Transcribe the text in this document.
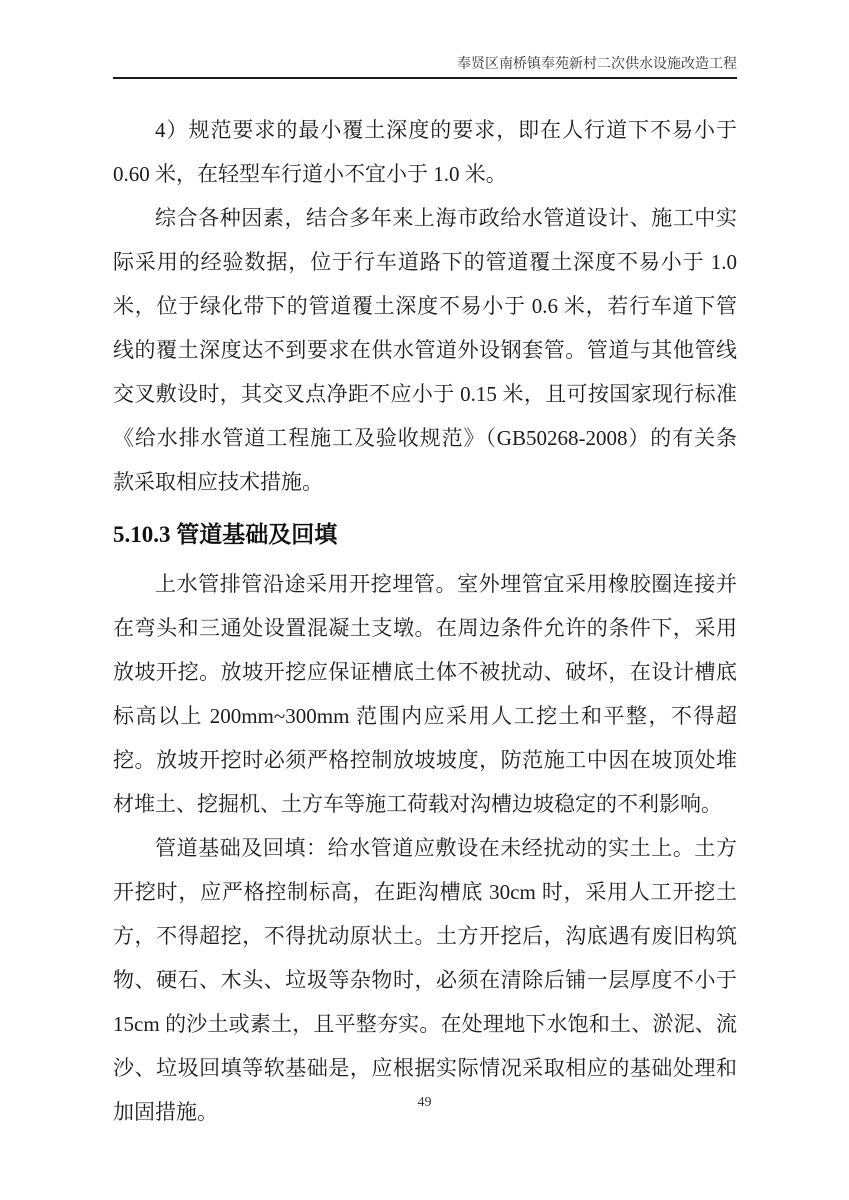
奉贤区南桥镇奉苑新村二次供水设施改造工程

4）规范要求的最小覆土深度的要求，即在人行道下不易小于 0.60 米，在轻型车行道小不宜小于 1.0 米。

综合各种因素，结合多年来上海市政给水管道设计、施工中实际采用的经验数据，位于行车道路下的管道覆土深度不易小于 1.0 米，位于绿化带下的管道覆土深度不易小于 0.6 米，若行车道下管线的覆土深度达不到要求在供水管道外设钢套管。管道与其他管线交叉敷设时，其交叉点净距不应小于 0.15 米，且可按国家现行标准《给水排水管道工程施工及验收规范》（GB50268-2008）的有关条款采取相应技术措施。

5.10.3 管道基础及回填

上水管排管沿途采用开挖埋管。室外埋管宜采用橡胶圈连接并在弯头和三通处设置混凝土支墩。在周边条件允许的条件下，采用放坡开挖。放坡开挖应保证槽底土体不被扰动、破坏，在设计槽底标高以上 200mm~300mm 范围内应采用人工挖土和平整，不得超挖。放坡开挖时必须严格控制放坡坡度，防范施工中因在坡顶处堆材堆土、挖掘机、土方车等施工荷载对沟槽边坡稳定的不利影响。

管道基础及回填：给水管道应敷设在未经扰动的实土上。土方开挖时，应严格控制标高，在距沟槽底 30cm 时，采用人工开挖土方，不得超挖，不得扰动原状土。土方开挖后，沟底遇有废旧构筑物、硬石、木头、垃圾等杂物时，必须在清除后铺一层厚度不小于 15cm 的沙土或素土，且平整夯实。在处理地下水饱和土、淤泥、流沙、垃圾回填等软基础是，应根据实际情况采取相应的基础处理和加固措施。	49
